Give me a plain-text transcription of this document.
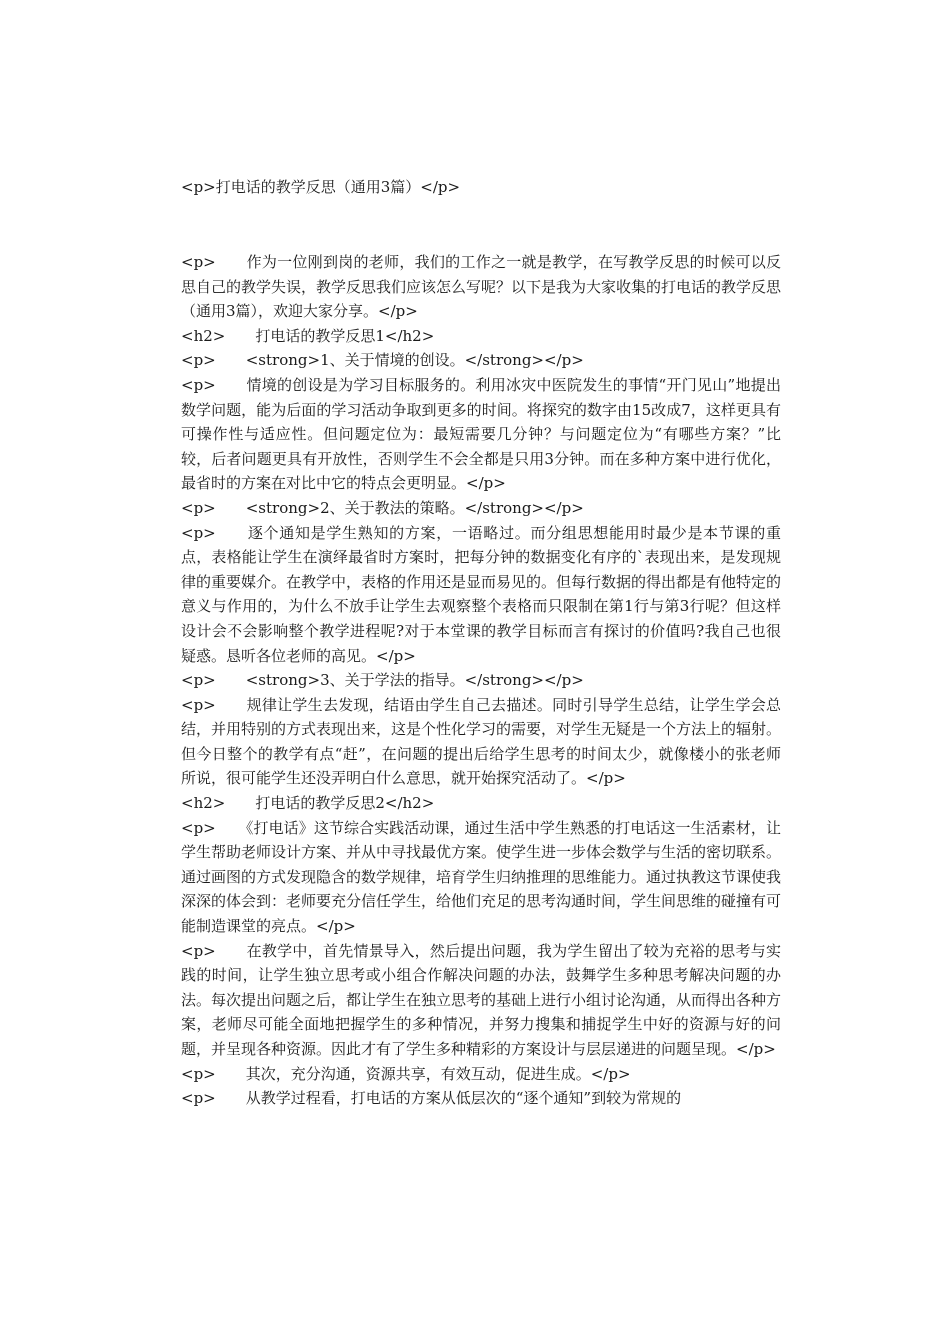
<p>打电话的教学反思（通用3篇）</p>
<p>　　作为一位刚到岗的老师，我们的工作之一就是教学，在写教学反思的时候可以反思自己的教学失误，教学反思我们应该怎么写呢？以下是我为大家收集的打电话的教学反思（通用3篇），欢迎大家分享。</p>
<h2>　　打电话的教学反思1</h2>
<p>　　<strong>1、关于情境的创设。</strong></p>
<p>　　情境的创设是为学习目标服务的。利用冰灾中医院发生的事情“开门见山”地提出数学问题，能为后面的学习活动争取到更多的时间。将探究的数字由15改成7，这样更具有可操作性与适应性。但问题定位为：最短需要几分钟？与问题定位为“有哪些方案？”比较，后者问题更具有开放性，否则学生不会全都是只用3分钟。而在多种方案中进行优化，最省时的方案在对比中它的特点会更明显。</p>
<p>　　<strong>2、关于教法的策略。</strong></p>
<p>　　逐个通知是学生熟知的方案，一语略过。而分组思想能用时最少是本节课的重点，表格能让学生在演绎最省时方案时，把每分钟的数据变化有序的`表现出来，是发现规律的重要媒介。在教学中，表格的作用还是显而易见的。但每行数据的得出都是有他特定的意义与作用的，为什么不放手让学生去观察整个表格而只限制在第1行与第3行呢？但这样设计会不会影响整个教学进程呢?对于本堂课的教学目标而言有探讨的价值吗?我自己也很疑惑。恳听各位老师的高见。</p>
<p>　　<strong>3、关于学法的指导。</strong></p>
<p>　　规律让学生去发现，结语由学生自己去描述。同时引导学生总结，让学生学会总结，并用特别的方式表现出来，这是个性化学习的需要，对学生无疑是一个方法上的辐射。但今日整个的教学有点“赶”，在问题的提出后给学生思考的时间太少，就像楼小的张老师所说，很可能学生还没弄明白什么意思，就开始探究活动了。</p>
<h2>　　打电话的教学反思2</h2>
<p>　　《打电话》这节综合实践活动课，通过生活中学生熟悉的打电话这一生活素材，让学生帮助老师设计方案、并从中寻找最优方案。使学生进一步体会数学与生活的密切联系。通过画图的方式发现隐含的数学规律，培育学生归纳推理的思维能力。通过执教这节课使我深深的体会到：老师要充分信任学生，给他们充足的思考沟通时间，学生间思维的碰撞有可能制造课堂的亮点。</p>
<p>　　在教学中，首先情景导入，然后提出问题，我为学生留出了较为充裕的思考与实践的时间，让学生独立思考或小组合作解决问题的办法，鼓舞学生多种思考解决问题的办法。每次提出问题之后，都让学生在独立思考的基础上进行小组讨论沟通，从而得出各种方案，老师尽可能全面地把握学生的多种情况，并努力搜集和捕捉学生中好的资源与好的问题，并呈现各种资源。因此才有了学生多种精彩的方案设计与层层递进的问题呈现。</p>
<p>　　其次，充分沟通，资源共享，有效互动，促进生成。</p>
<p>　　从教学过程看，打电话的方案从低层次的“逐个通知”到较为常规的
